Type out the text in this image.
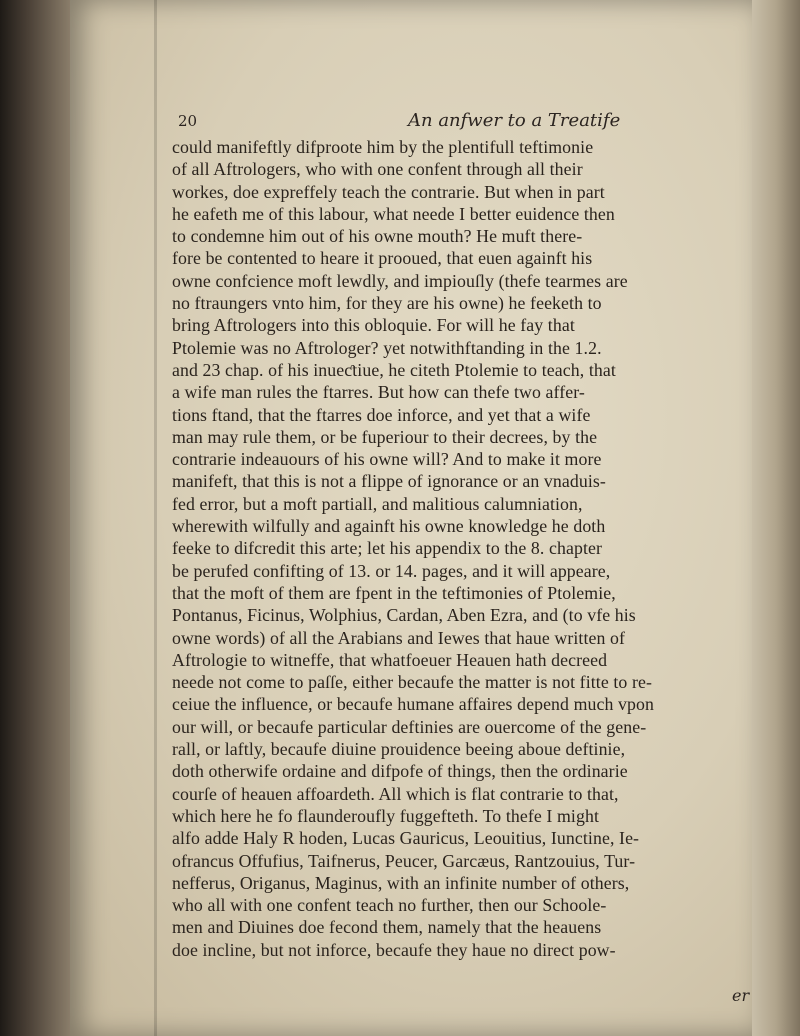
20	An anfwer to a Treatife
could manifeftly difproote him by the plentifull teftimonie
of all Aftrologers, who with one confent through all their
workes, doe expreffely teach the contrarie. But when in part
he eafeth me of this labour, what neede I better euidence then
to condemne him out of his owne mouth? He muft there-
fore be contented to heare it prooued, that euen againft his
owne confcience moft lewdly, and impiouſly (thefe tearmes are
no ftraungers vnto him, for they are his owne) he feeketh to
bring Aftrologers into this obloquie. For will he fay that
Ptolemie was no Aftrologer? yet notwithftanding in the 1.2.
and 23 chap. of his inueƈtiue, he citeth Ptolemie to teach, that
a wife man rules the ftarres. But how can thefe two affer-
tions ftand, that the ftarres doe inforce, and yet that a wife
man may rule them, or be fuperiour to their decrees, by the
contrarie indeauours of his owne will? And to make it more
manifeft, that this is not a flippe of ignorance or an vnaduis-
fed error, but a moft partiall, and malitious calumniation,
wherewith wilfully and againft his owne knowledge he doth
feeke to difcredit this arte; let his appendix to the 8. chapter
be perufed confifting of 13. or 14. pages, and it will appeare,
that the moft of them are fpent in the teftimonies of Ptolemie,
Pontanus, Ficinus, Wolphius, Cardan, Aben Ezra, and (to vfe his
owne words) of all the Arabians and Iewes that haue written of
Aftrologie to witneffe, that whatfoeuer Heauen hath decreed
neede not come to paſſe, either becaufe the matter is not fitte to re-
ceiue the influence, or becaufe humane affaires depend much vpon
our will, or becaufe particular deftinies are ouercome of the gene-
rall, or laftly, becaufe diuine prouidence beeing aboue deftinie,
doth otherwife ordaine and difpofe of things, then the ordinarie
courſe of heauen affoardeth. All which is flat contrarie to that,
which here he fo flaunderoufly fuggefteth. To thefe I might
alfo adde Haly R hoden, Lucas Gauricus, Leouitius, Iunctine, Ie-
ofrancus Offufius, Taifnerus, Peucer, Garcæus, Rantzouius, Tur-
nefferus, Origanus, Maginus, with an infinite number of others,
who all with one confent teach no further, then our Schoole-
men and Diuines doe fecond them, namely that the heauens
doe incline, but not inforce, becaufe they haue no direct pow-
er
